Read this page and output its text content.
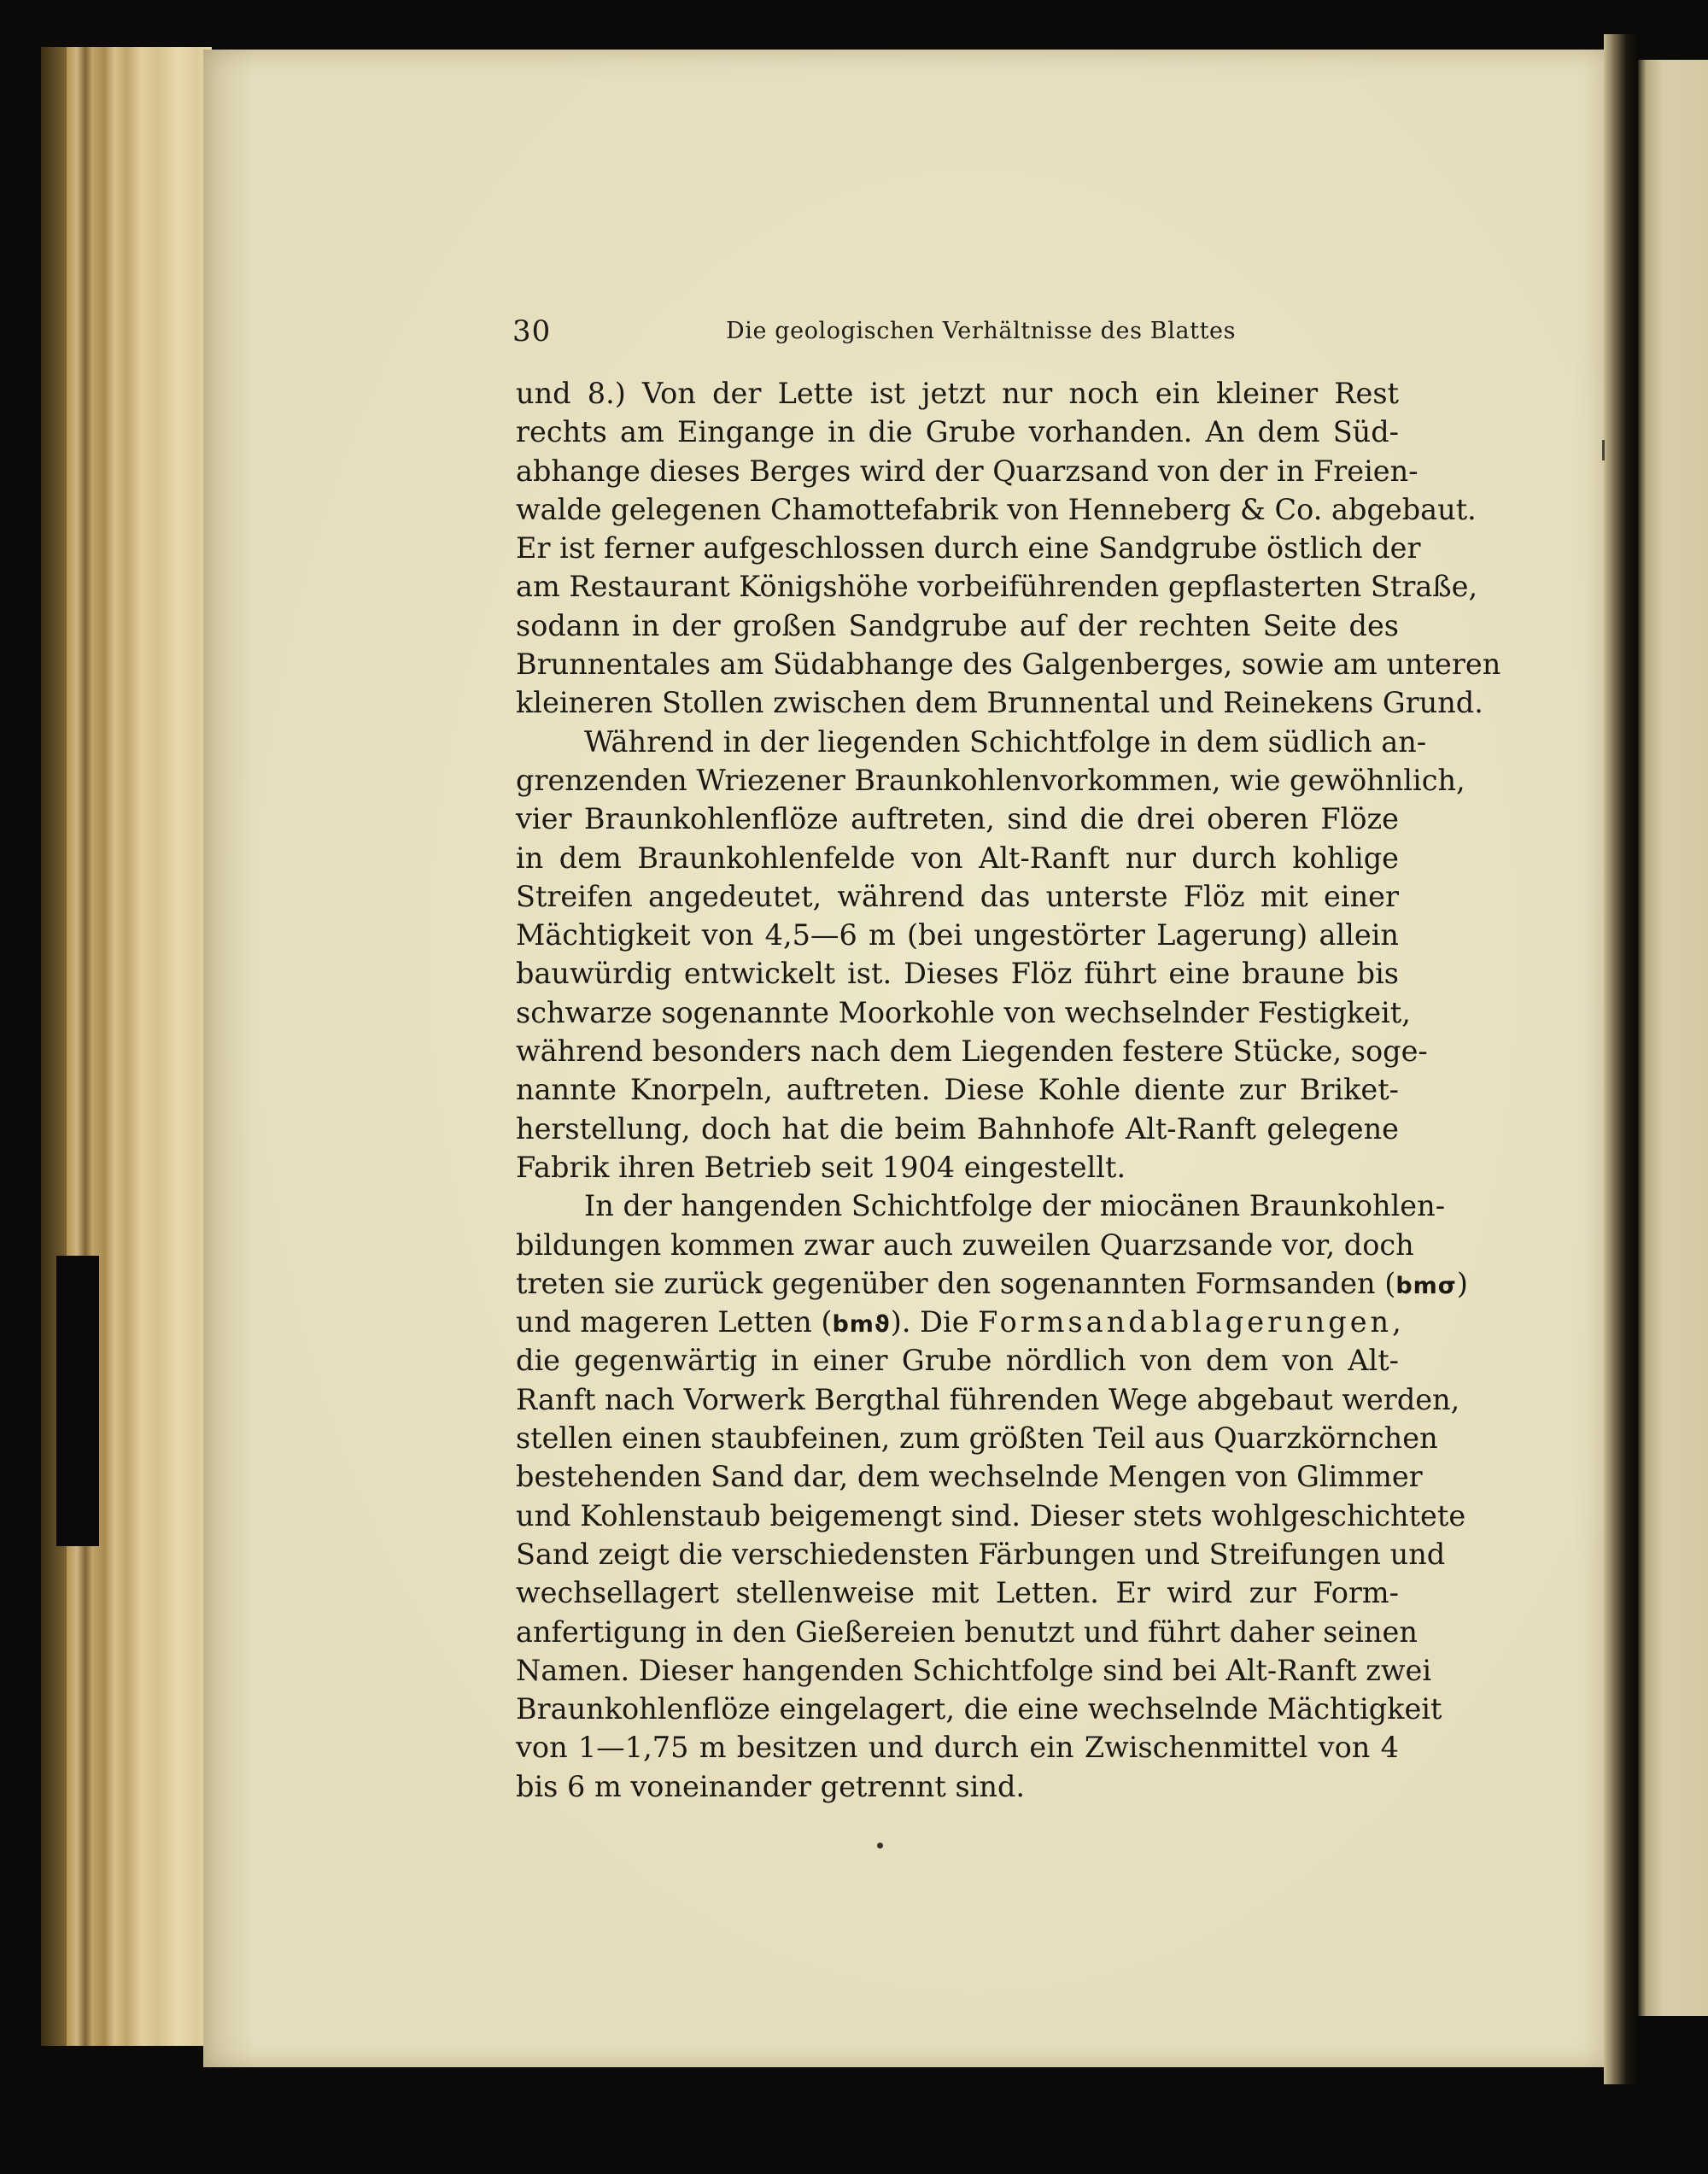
30	Die geologischen Verhältnisse des Blattes
und 8.) Von der Lette ist jetzt nur noch ein kleiner Rest
rechts am Eingange in die Grube vorhanden. An dem Süd-
abhange dieses Berges wird der Quarzsand von der in Freien-
walde gelegenen Chamottefabrik von Henneberg & Co. abgebaut.
Er ist ferner aufgeschlossen durch eine Sandgrube östlich der
am Restaurant Königshöhe vorbeiführenden gepflasterten Straße,
sodann in der großen Sandgrube auf der rechten Seite des
Brunnentales am Südabhange des Galgenberges, sowie am unteren
kleineren Stollen zwischen dem Brunnental und Reinekens Grund.
Während in der liegenden Schichtfolge in dem südlich an-
grenzenden Wriezener Braunkohlenvorkommen, wie gewöhnlich,
vier Braunkohlenflöze auftreten, sind die drei oberen Flöze
in dem Braunkohlenfelde von Alt-Ranft nur durch kohlige
Streifen angedeutet, während das unterste Flöz mit einer
Mächtigkeit von 4,5—6 m (bei ungestörter Lagerung) allein
bauwürdig entwickelt ist. Dieses Flöz führt eine braune bis
schwarze sogenannte Moorkohle von wechselnder Festigkeit,
während besonders nach dem Liegenden festere Stücke, soge-
nannte Knorpeln, auftreten. Diese Kohle diente zur Briket-
herstellung, doch hat die beim Bahnhofe Alt-Ranft gelegene
Fabrik ihren Betrieb seit 1904 eingestellt.
In der hangenden Schichtfolge der miocänen Braunkohlen-
bildungen kommen zwar auch zuweilen Quarzsande vor, doch
treten sie zurück gegenüber den sogenannten Formsanden (bmσ)
und mageren Letten (bmϑ). Die Formsandablagerungen,
die gegenwärtig in einer Grube nördlich von dem von Alt-
Ranft nach Vorwerk Bergthal führenden Wege abgebaut werden,
stellen einen staubfeinen, zum größten Teil aus Quarzkörnchen
bestehenden Sand dar, dem wechselnde Mengen von Glimmer
und Kohlenstaub beigemengt sind. Dieser stets wohlgeschichtete
Sand zeigt die verschiedensten Färbungen und Streifungen und
wechsellagert stellenweise mit Letten. Er wird zur Form-
anfertigung in den Gießereien benutzt und führt daher seinen
Namen. Dieser hangenden Schichtfolge sind bei Alt-Ranft zwei
Braunkohlenflöze eingelagert, die eine wechselnde Mächtigkeit
von 1—1,75 m besitzen und durch ein Zwischenmittel von 4
bis 6 m voneinander getrennt sind.
